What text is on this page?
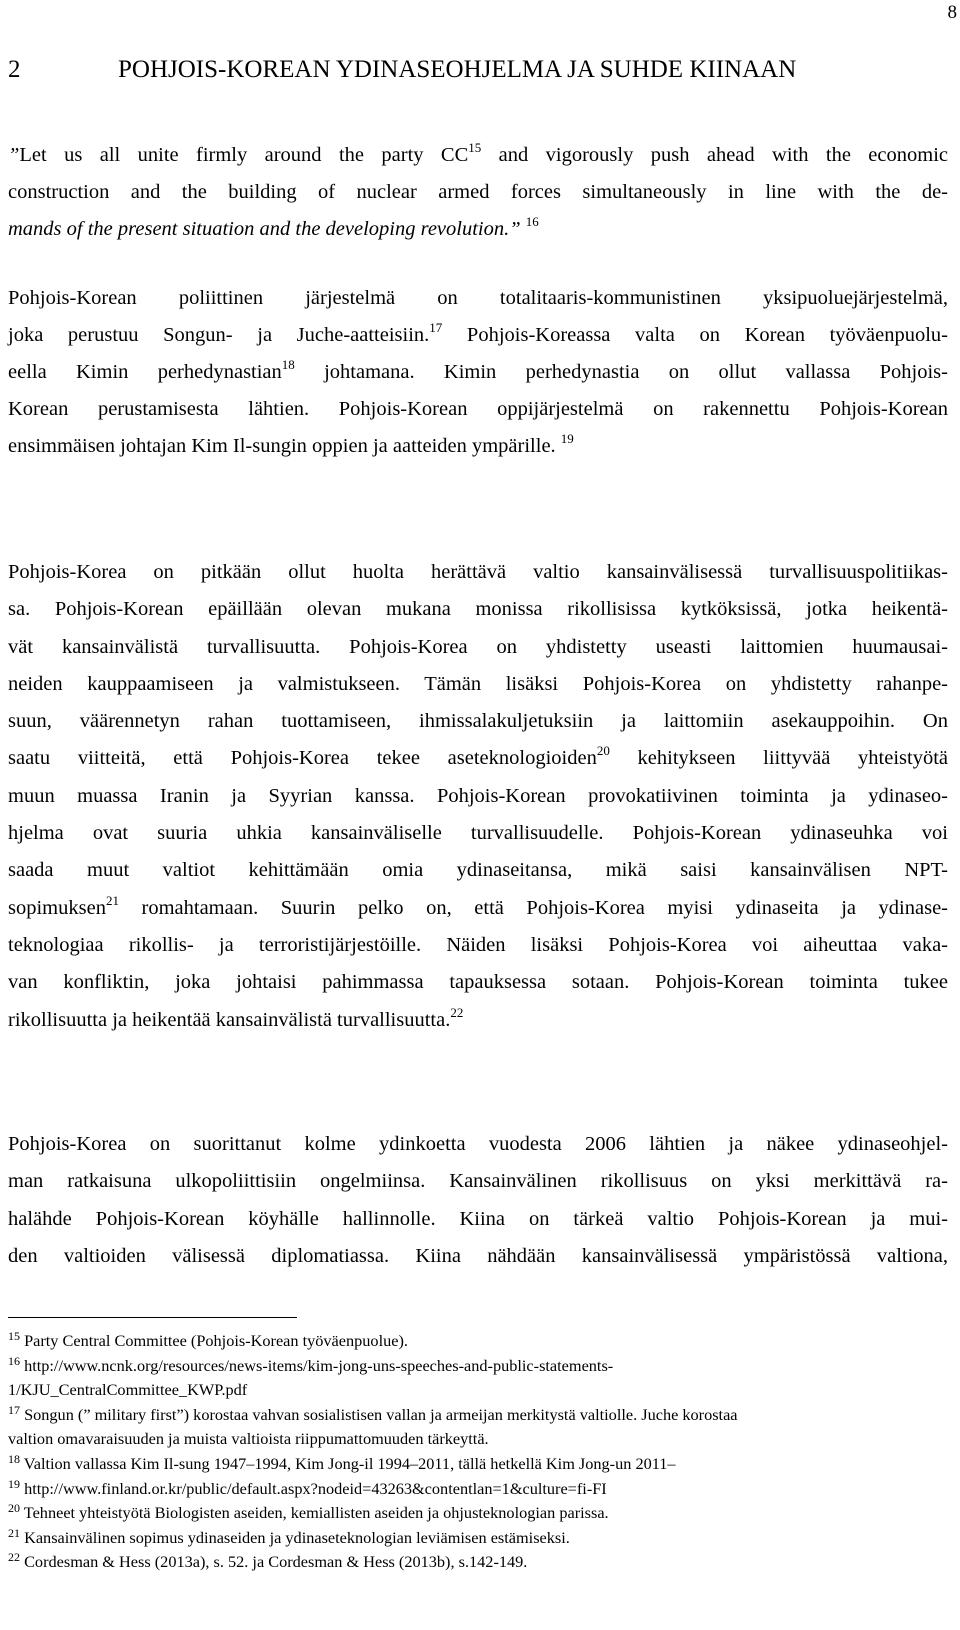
8
2	POHJOIS-KOREAN YDINASEOHJELMA JA SUHDE KIINAAN
”Let us all unite firmly around the party CC$^{15}$ and vigorously push ahead with the economic
construction and the building of nuclear armed forces simultaneously in line with the de-
mands of the present situation and the developing revolution.” $^{16}$
Pohjois-Korean poliittinen järjestelmä on totalitaaris-kommunistinen yksipuoluejärjestelmä,
joka perustuu Songun- ja Juche-aatteisiin.$^{17}$ Pohjois-Koreassa valta on Korean työväenpuolu-
eella Kimin perhedynastian$^{18}$ johtamana. Kimin perhedynastia on ollut vallassa Pohjois-
Korean perustamisesta lähtien. Pohjois-Korean oppijärjestelmä on rakennettu Pohjois-Korean
ensimmäisen johtajan Kim Il-sungin oppien ja aatteiden ympärille. $^{19}$
Pohjois-Korea on pitkään ollut huolta herättävä valtio kansainvälisessä turvallisuuspolitiikas-
sa. Pohjois-Korean epäillään olevan mukana monissa rikollisissa kytköksissä, jotka heikentä-
vät kansainvälistä turvallisuutta. Pohjois-Korea on yhdistetty useasti laittomien huumausai-
neiden kauppaamiseen ja valmistukseen. Tämän lisäksi Pohjois-Korea on yhdistetty rahanpe-
suun, väärennetyn rahan tuottamiseen, ihmissalakuljetuksiin ja laittomiin asekauppoihin. On
saatu viitteitä, että Pohjois-Korea tekee aseteknologioiden$^{20}$ kehitykseen liittyvää yhteistyötä
muun muassa Iranin ja Syyrian kanssa. Pohjois-Korean provokatiivinen toiminta ja ydinaseo-
hjelma ovat suuria uhkia kansainväliselle turvallisuudelle. Pohjois-Korean ydinaseuhka voi
saada muut valtiot kehittämään omia ydinaseitansa, mikä saisi kansainvälisen NPT-
sopimuksen$^{21}$ romahtamaan. Suurin pelko on, että Pohjois-Korea myisi ydinaseita ja ydinase-
teknologiaa rikollis- ja terroristijärjestöille. Näiden lisäksi Pohjois-Korea voi aiheuttaa vaka-
van konfliktin, joka johtaisi pahimmassa tapauksessa sotaan. Pohjois-Korean toiminta tukee
rikollisuutta ja heikentää kansainvälistä turvallisuutta.$^{22}$
Pohjois-Korea on suorittanut kolme ydinkoetta vuodesta 2006 lähtien ja näkee ydinaseohjel-
man ratkaisuna ulkopoliittisiin ongelmiinsa. Kansainvälinen rikollisuus on yksi merkittävä ra-
halähde Pohjois-Korean köyhälle hallinnolle. Kiina on tärkeä valtio Pohjois-Korean ja mui-
den valtioiden välisessä diplomatiassa. Kiina nähdään kansainvälisessä ympäristössä valtiona,
$^{15}$ Party Central Committee (Pohjois-Korean työväenpuolue).
$^{16}$ http://www.ncnk.org/resources/news-items/kim-jong-uns-speeches-and-public-statements-
1/KJU_CentralCommittee_KWP.pdf
$^{17}$ Songun (” military first”) korostaa vahvan sosialistisen vallan ja armeijan merkitystä valtiolle. Juche korostaa
valtion omavaraisuuden ja muista valtioista riippumattomuuden tärkeyttä.
$^{18}$ Valtion vallassa Kim Il-sung 1947–1994, Kim Jong-il 1994–2011, tällä hetkellä Kim Jong-un 2011–
$^{19}$ http://www.finland.or.kr/public/default.aspx?nodeid=43263&contentlan=1&culture=fi-FI
$^{20}$ Tehneet yhteistyötä Biologisten aseiden, kemiallisten aseiden ja ohjusteknologian parissa.
$^{21}$ Kansainvälinen sopimus ydinaseiden ja ydinaseteknologian leviämisen estämiseksi.
$^{22}$ Cordesman & Hess (2013a), s. 52. ja Cordesman & Hess (2013b), s.142-149.
